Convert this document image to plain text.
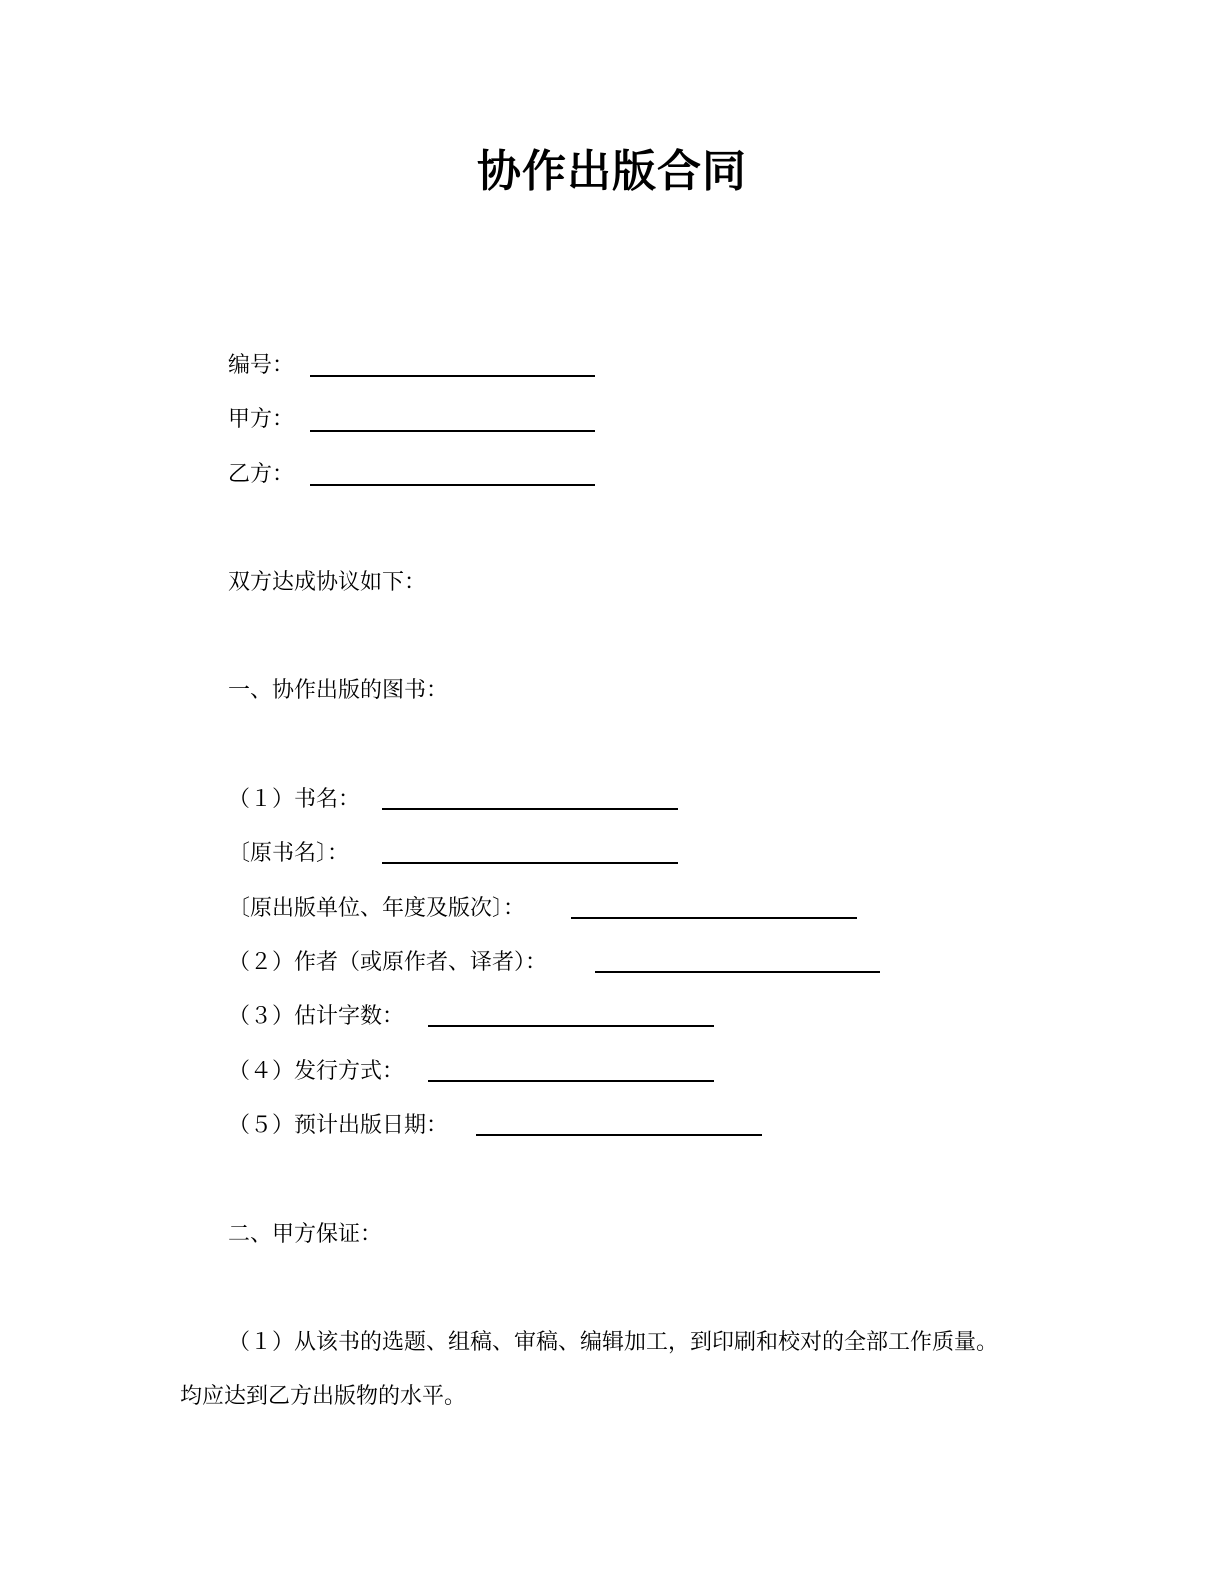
协作出版合同
编号：
甲方：
乙方：
双方达成协议如下：
一、协作出版的图书：
（１）书名：
〔原书名〕：
〔原出版单位、年度及版次〕：
（２）作者（或原作者、译者）：
（３）估计字数：
（４）发行方式：
（５）预计出版日期：
二、甲方保证：
（１）从该书的选题、组稿、审稿、编辑加工，到印刷和校对的全部工作质量。
均应达到乙方出版物的水平。
